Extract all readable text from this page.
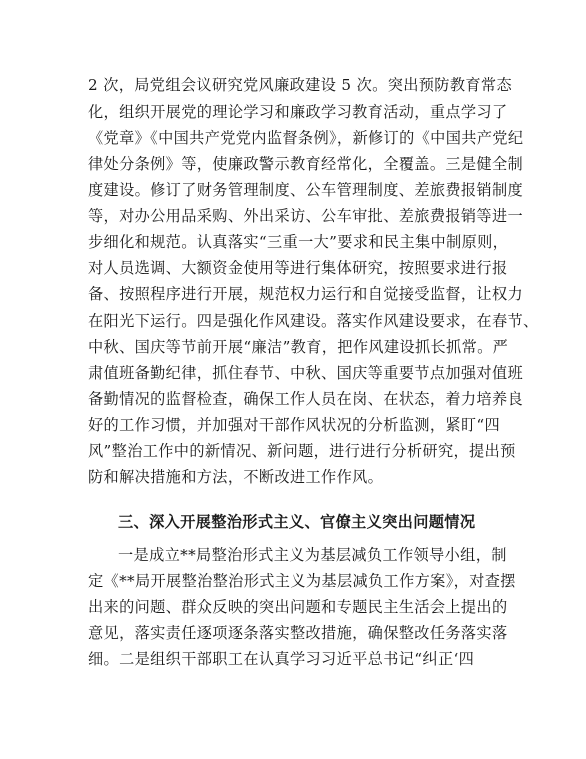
2 次，局党组会议研究党风廉政建设 5 次。突出预防教育常态
化，组织开展党的理论学习和廉政学习教育活动，重点学习了
《党章》《中国共产党党内监督条例》，新修订的《中国共产党纪
律处分条例》等，使廉政警示教育经常化，全覆盖。三是健全制
度建设。修订了财务管理制度、公车管理制度、差旅费报销制度
等，对办公用品采购、外出采访、公车审批、差旅费报销等进一
步细化和规范。认真落实“三重一大”要求和民主集中制原则，
对人员选调、大额资金使用等进行集体研究，按照要求进行报
备、按照程序进行开展，规范权力运行和自觉接受监督，让权力
在阳光下运行。四是强化作风建设。落实作风建设要求，在春节、
中秋、国庆等节前开展“廉洁”教育，把作风建设抓长抓常。严
肃值班备勤纪律，抓住春节、中秋、国庆等重要节点加强对值班
备勤情况的监督检查，确保工作人员在岗、在状态，着力培养良
好的工作习惯，并加强对干部作风状况的分析监测，紧盯“四
风”整治工作中的新情况、新问题，进行进行分析研究，提出预
防和解决措施和方法，不断改进工作作风。
三、深入开展整治形式主义、官僚主义突出问题情况
一是成立**局整治形式主义为基层减负工作领导小组，制
定《**局开展整治整治形式主义为基层减负工作方案》，对查摆
出来的问题、群众反映的突出问题和专题民主生活会上提出的
意见，落实责任逐项逐条落实整改措施，确保整改任务落实落
细。二是组织干部职工在认真学习习近平总书记“纠正‘四
